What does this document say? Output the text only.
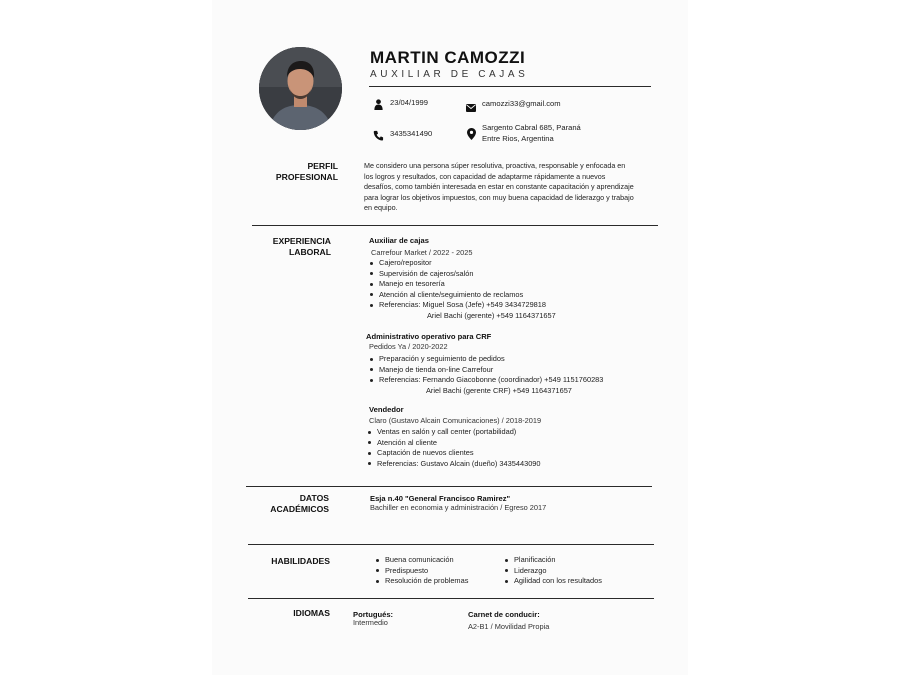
MARTIN CAMOZZI
AUXILIAR DE CAJAS
23/04/1999	camozzi33@gmail.com
3435341490
Sargento Cabral 685, Paraná
Entre Rios, Argentina
PERFIL
PROFESIONAL
Me considero una persona súper resolutiva, proactiva, responsable y enfocada en los logros y resultados, con capacidad de adaptarme rápidamente a nuevos desafíos, como también interesada en estar en constante capacitación y aprendizaje para lograr los objetivos impuestos, con muy buena capacidad de liderazgo y trabajo en equipo.
EXPERIENCIA
LABORAL
Auxiliar de cajas
Carrefour Market / 2022 - 2025
Cajero/repositor
Supervisión de cajeros/salón
Manejo en tesorería
Atención al cliente/seguimiento de reclamos
Referencias: Miguel Sosa (Jefe) +549 3434729818
Ariel Bachi (gerente) +549 1164371657
Administrativo operativo para CRF
Pedidos Ya / 2020-2022
Preparación y seguimiento de pedidos
Manejo de tienda on-line Carrefour
Referencias: Fernando Giacobonne (coordinador) +549 1151760283
Ariel Bachi (gerente CRF) +549 1164371657
Vendedor
Claro (Gustavo Alcain Comunicaciones) / 2018-2019
Ventas en salón y call center (portabilidad)
Atención al cliente
Captación de nuevos clientes
Referencias: Gustavo Alcain (dueño) 3435443090
DATOS
ACADÉMICOS
Esja n.40 "General Francisco Ramirez"
Bachiller en economia y administración / Egreso 2017
HABILIDADES	Buena comunicación
Predispuesto
Resolución de problemas
Planificación
Liderazgo
Agilidad con los resultados
IDIOMAS	Portugués:
Intermedio
Carnet de conducir:
A2-B1 / Movilidad Propia
